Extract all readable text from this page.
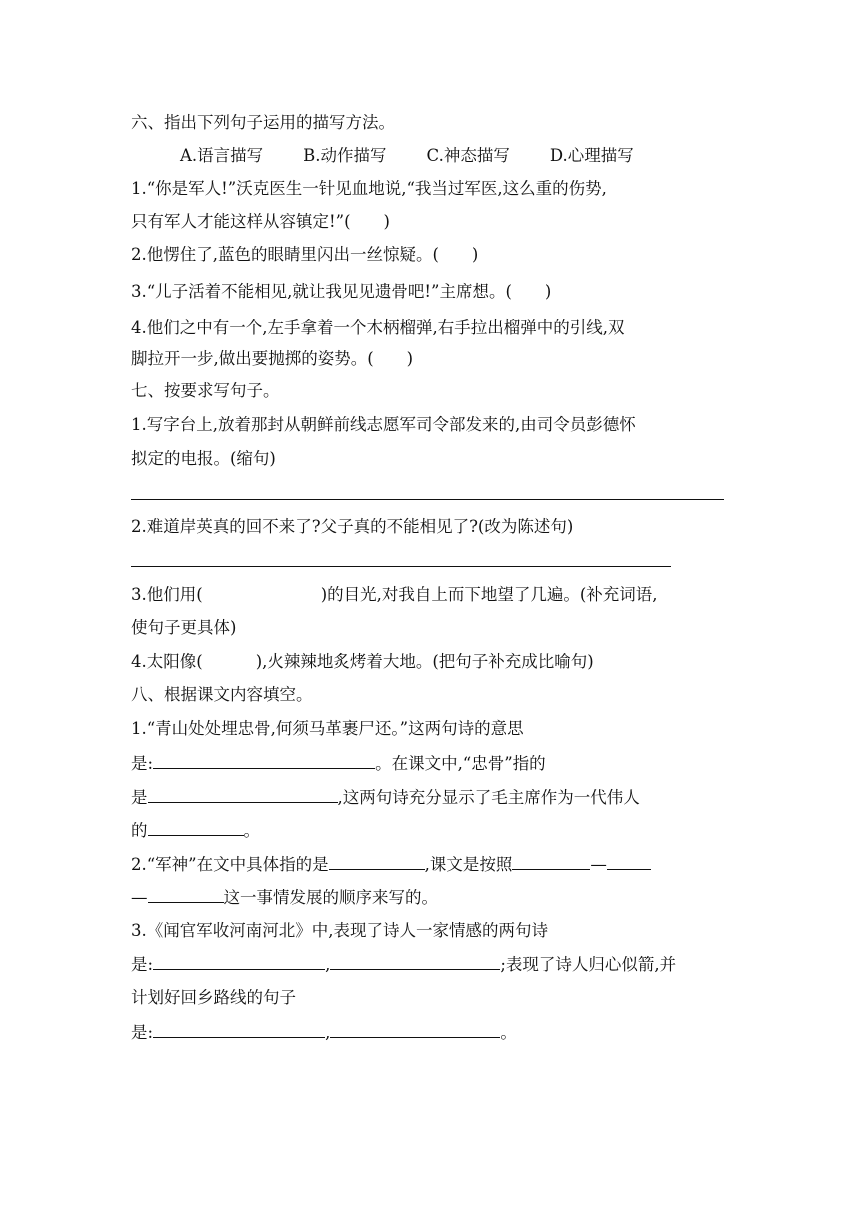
六、指出下列句子运用的描写方法。
A.语言描写 B.动作描写 C.神态描写 D.心理描写
1.“你是军人!”沃克医生一针见血地说,“我当过军医,这么重的伤势,
只有军人才能这样从容镇定!”(　　)
2.他愣住了,蓝色的眼睛里闪出一丝惊疑。(　　)
3.“儿子活着不能相见,就让我见见遗骨吧!”主席想。(　　)
4.他们之中有一个,左手拿着一个木柄榴弹,右手拉出榴弹中的引线,双
脚拉开一步,做出要抛掷的姿势。(　　)
七、按要求写句子。
1.写字台上,放着那封从朝鲜前线志愿军司令部发来的,由司令员彭德怀
拟定的电报。(缩句)
2.难道岸英真的回不来了?父子真的不能相见了?(改为陈述句)
3.他们用(	)的目光,对我自上而下地望了几遍。(补充词语,
使句子更具体)
4.太阳像(	),火辣辣地炙烤着大地。(把句子补充成比喻句)
八、根据课文内容填空。
1.“青山处处埋忠骨,何须马革裹尸还。”这两句诗的意思
是:	。在课文中,“忠骨”指的
是	,这两句诗充分显示了毛主席作为一代伟人
的	。
2.“军神”在文中具体指的是	,课文是按照	—
—	这一事情发展的顺序来写的。
3.《闻官军收河南河北》中,表现了诗人一家情感的两句诗
是:	,	;表现了诗人归心似箭,并
计划好回乡路线的句子
是:	,	。
